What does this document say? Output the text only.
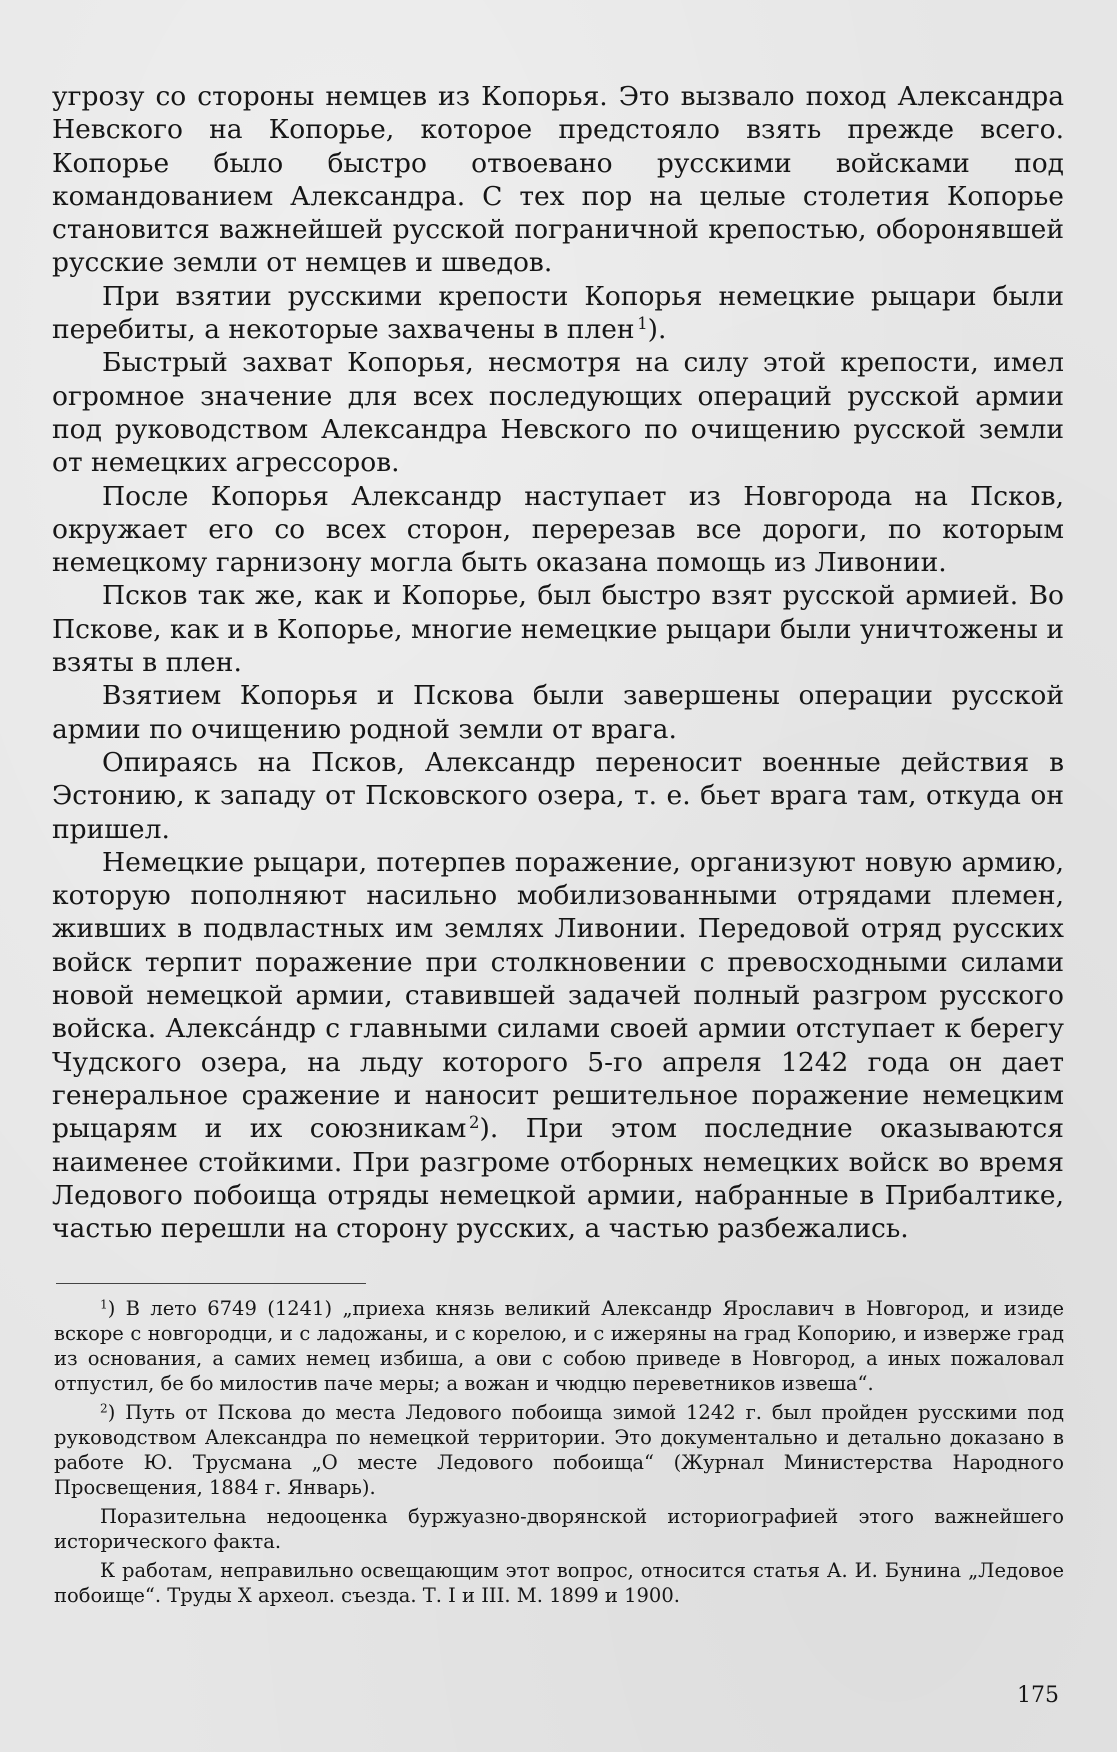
угрозу со стороны немцев из Копорья. Это вызвало поход Александра Невского на Копорье, которое предстояло взять прежде всего. Копорье было быстро отвоевано русскими войсками под командованием Александра. С тех пор на целые столетия Копорье становится важнейшей русской пограничной крепостью, оборонявшей русские земли от немцев и шведов.

При взятии русскими крепости Копорья немецкие рыцари были перебиты, а некоторые захвачены в плен  $^1$).

Быстрый захват Копорья, несмотря на силу этой крепости, имел огромное значение для всех последующих операций русской армии под руководством Александра Невского по очищению русской земли от немецких агрессоров.

После Копорья Александр наступает из Новгорода на Псков, окружает его со всех сторон, перерезав все дороги, по которым немецкому гарнизону могла быть оказана помощь из Ливонии.

Псков так же, как и Копорье, был быстро взят русской армией. Во Пскове, как и в Копорье, многие немецкие рыцари были уничтожены и взяты в плен.

Взятием Копорья и Пскова были завершены операции русской армии по очищению родной земли от врага.

Опираясь на Псков, Александр переносит военные действия в Эстонию, к западу от Псковского озера, т. е. бьет врага там, откуда он пришел.

Немецкие рыцари, потерпев поражение, организуют новую армию, которую пополняют насильно мобилизованными отрядами племен, живших в подвластных им землях Ливонии. Передовой отряд русских войск терпит поражение при столкновении с превосходными силами новой немецкой армии, ставившей задачей полный разгром русского войска. Алексáндр с главными силами своей армии отступает к берегу Чудского озера, на льду которого 5-го апреля 1242 года он дает генеральное сражение и наносит решительное поражение немецким рыцарям и их союзникам  $^2$). При этом последние оказываются наименее стойкими. При разгроме отборных немецких войск во время Ледового побоища отряды немецкой армии, набранные в Прибалтике, частью перешли на сторону русских, а частью разбежались.

$^1$) В лето 6749 (1241) „приеха князь великий Александр Ярославич в Новгород, и изиде вскоре с новгородци, и с ладожаны, и с корелою, и с ижеряны на град Копорию, и изверже град из основания, а самих немец избиша, а ови с собою приведе в Новгород, а иных пожаловал отпустил, бе бо милостив паче меры; а вожан и чюдцю переветников извеша“.

$^2$) Путь от Пскова до места Ледового побоища зимой 1242 г. был пройден русскими под руководством Александра по немецкой территории. Это документально и детально доказано в работе Ю. Трусмана „О месте Ледового побоища“ (Журнал Министерства Народного Просвещения, 1884 г. Январь).

Поразительна недооценка буржуазно-дворянской историографией этого важнейшего исторического факта.

К работам, неправильно освещающим этот вопрос, относится статья А. И. Бунина „Ледовое побоище“. Труды X археол. съезда. Т. I и III. М. 1899 и 1900.

175
